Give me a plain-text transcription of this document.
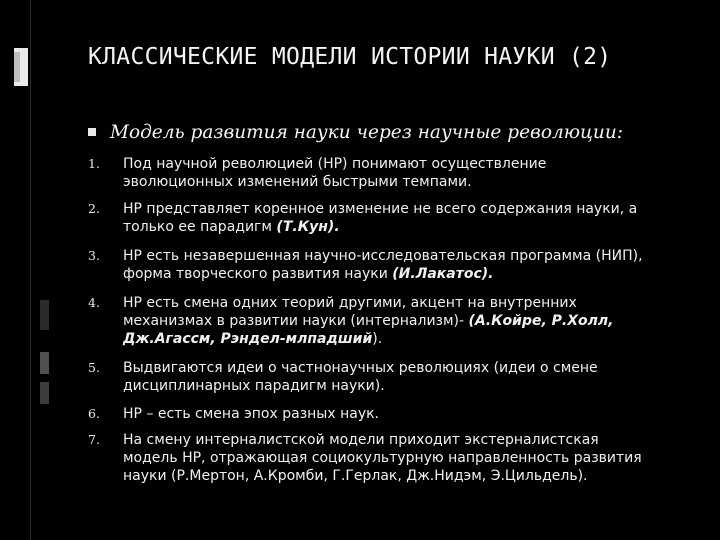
КЛАССИЧЕСКИЕ МОДЕЛИ ИСТОРИИ НАУКИ (2)
Модель развития науки через научные революции:
1.	Под научной революцией (НР) понимают осуществление
эволюционных изменений быстрыми темпами.
2.	НР представляет коренное изменение не всего содержания науки, а
только ее парадигм (Т.Кун).
3.	НР есть незавершенная научно-исследовательская программа (НИП),
форма творческого развития науки (И.Лакатос).
4.	НР есть смена одних теорий другими, акцент на внутренних
механизмах в развитии науки (интернализм)- (А.Койре, Р.Холл,
Дж.Агассм, Рэндел-млпадший).
5.	Выдвигаются идеи о частнонаучных революциях (идеи о смене
дисциплинарных парадигм науки).
6.	НР – есть смена эпох разных наук.
7.	На смену интерналистской модели приходит экстерналистская
модель НР, отражающая социокультурную направленность развития
науки (Р.Мертон, А.Кромби, Г.Герлак, Дж.Нидэм, Э.Цильдель).
